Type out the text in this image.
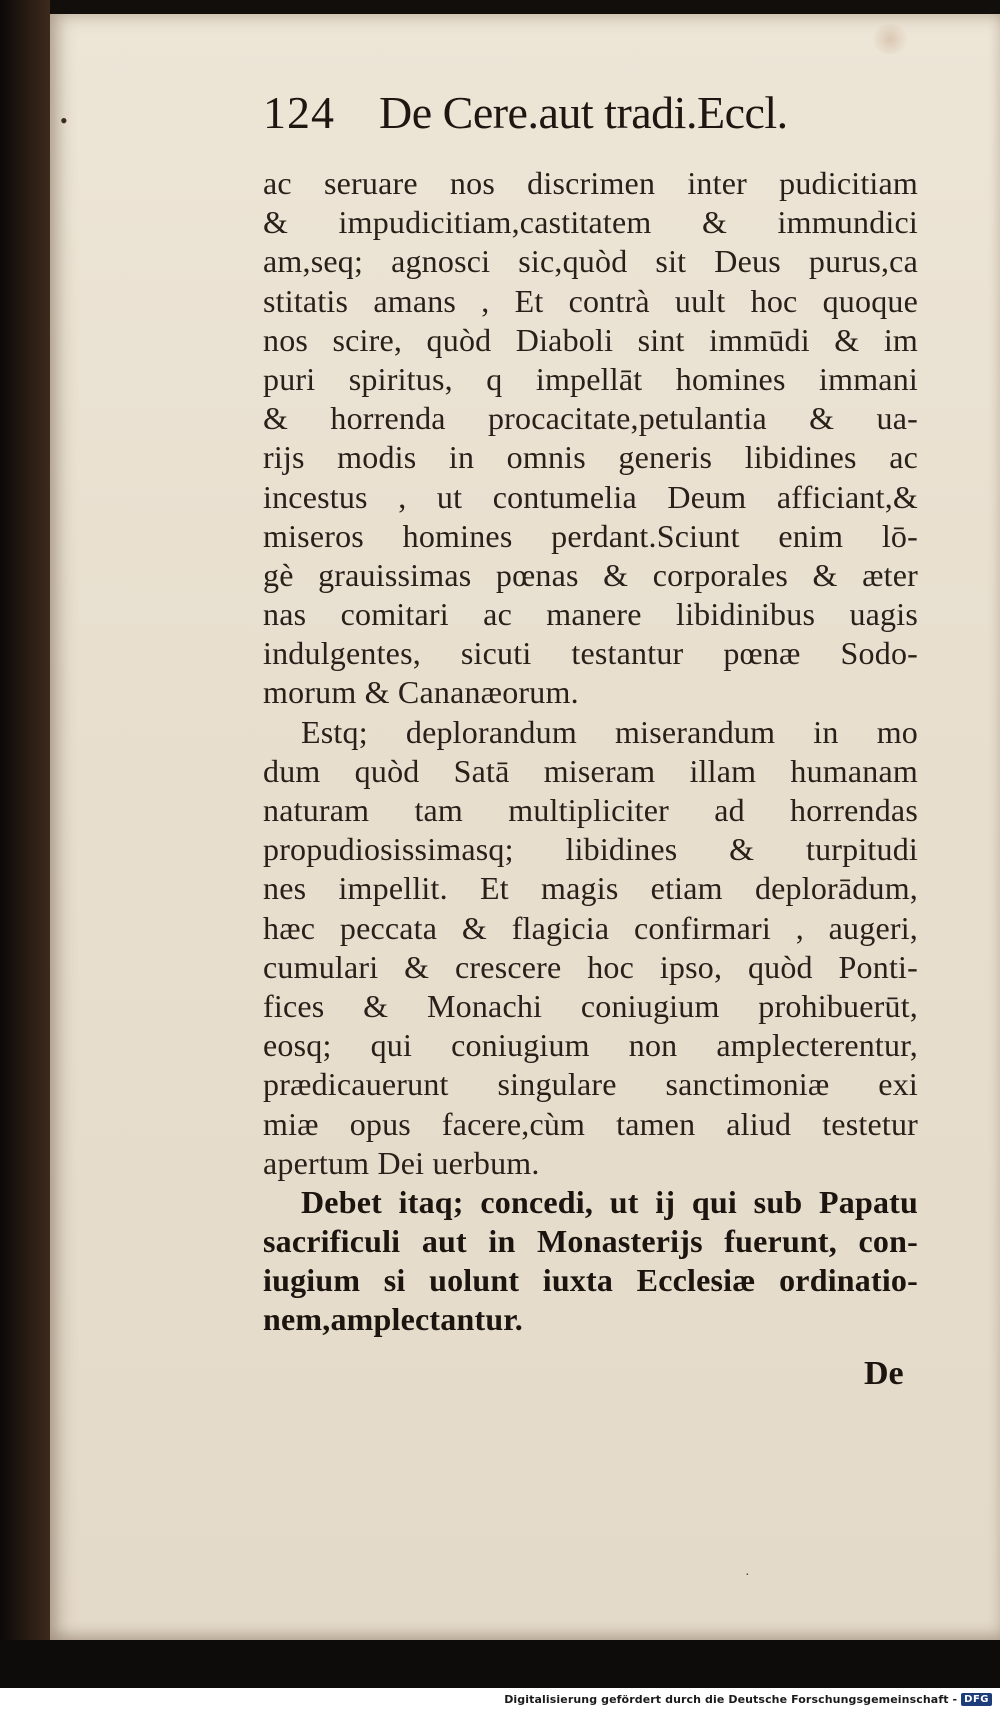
•	124 De Cere.aut tradi.Eccl.
ac seruare nos discrimen inter pudicitiam
& impudicitiam,castitatem & immundici
am,seq; agnosci sic,quòd sit Deus purus,ca
stitatis amans , Et contrà uult hoc quoque
nos scire, quòd Diaboli sint immūdi & im
puri spiritus, q impellāt homines immani
& horrenda procacitate,petulantia & ua-
rijs modis in omnis generis libidines ac
incestus , ut contumelia Deum afficiant,&
miseros homines perdant.Sciunt enim lō-
gè grauissimas pœnas & corporales & æter
nas comitari ac manere libidinibus uagis
indulgentes, sicuti testantur pœnæ Sodo-
morum & Cananæorum.
Estq; deplorandum miserandum in mo
dum quòd Satā miseram illam humanam
naturam tam multipliciter ad horrendas
propudiosissimasq; libidines & turpitudi
nes impellit. Et magis etiam deplorādum,
hæc peccata & flagicia confirmari , augeri,
cumulari & crescere hoc ipso, quòd Ponti-
fices & Monachi coniugium prohibuerūt,
eosq; qui coniugium non amplecterentur,
prædicauerunt singulare sanctimoniæ exi
miæ opus facere,cùm tamen aliud testetur
apertum Dei uerbum.
Debet itaq; concedi, ut ij qui sub Papatu
sacrificuli aut in Monasterijs fuerunt, con-
iugium si uolunt iuxta Ecclesiæ ordinatio-
nem,amplectantur.
De
·
Digitalisierung gefördert durch die Deutsche Forschungsgemeinschaft - DFG
